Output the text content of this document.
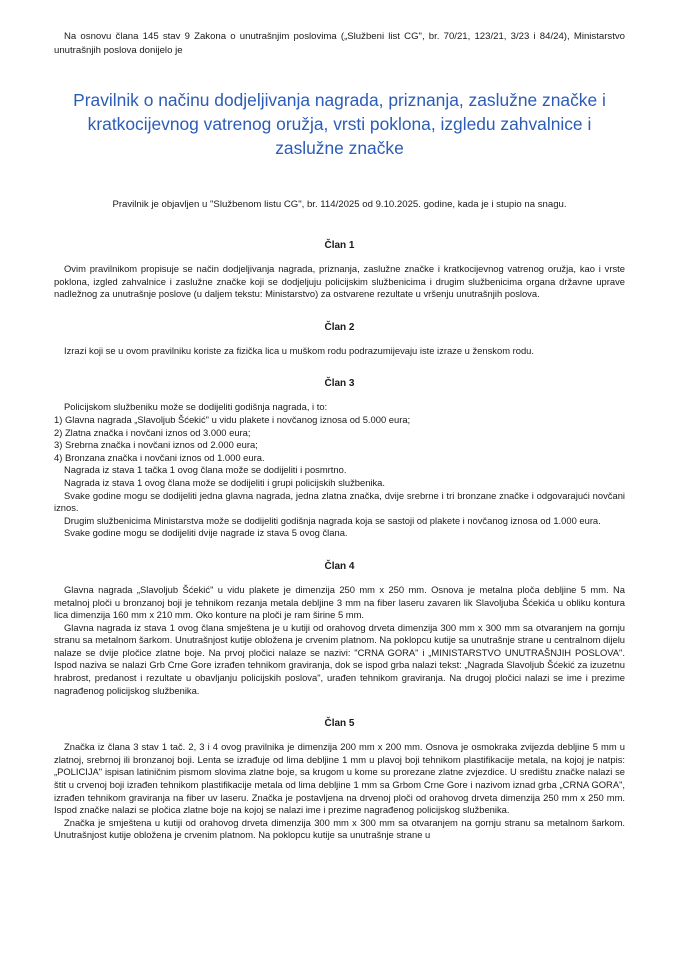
Na osnovu člana 145 stav 9 Zakona o unutrašnjim poslovima („Službeni list CG", br. 70/21, 123/21, 3/23 i 84/24), Ministarstvo unutrašnjih poslova donijelo je

Pravilnik o načinu dodjeljivanja nagrada, priznanja, zaslužne značke i kratkocijevnog vatrenog oružja, vrsti poklona, izgledu zahvalnice i zaslužne značke

Pravilnik je objavljen u "Službenom listu CG", br. 114/2025 od 9.10.2025. godine, kada je i stupio na snagu.

Član 1

Ovim pravilnikom propisuje se način dodjeljivanja nagrada, priznanja, zaslužne značke i kratkocijevnog vatrenog oružja, kao i vrste poklona, izgled zahvalnice i zaslužne značke koji se dodjeljuju policijskim službenicima i drugim službenicima organa državne uprave nadležnog za unutrašnje poslove (u daljem tekstu: Ministarstvo) za ostvarene rezultate u vršenju unutrašnjih poslova.

Član 2

Izrazi koji se u ovom pravilniku koriste za fizička lica u muškom rodu podrazumijevaju iste izraze u ženskom rodu.

Član 3

Policijskom službeniku može se dodijeliti godišnja nagrada, i to:

1) Glavna nagrada „Slavoljub Šćekić" u vidu plakete i novčanog iznosa od 5.000 eura;

2) Zlatna značka i novčani iznos od 3.000 eura;

3) Srebrna značka i novčani iznos od 2.000 eura;

4) Bronzana značka i novčani iznos od 1.000 eura.

Nagrada iz stava 1 tačka 1 ovog člana može se dodijeliti i posmrtno.

Nagrada iz stava 1 ovog člana može se dodijeliti i grupi policijskih službenika.

Svake godine mogu se dodijeliti jedna glavna nagrada, jedna zlatna značka, dvije srebrne i tri bronzane značke i odgovarajući novčani iznos.

Drugim službenicima Ministarstva može se dodijeliti godišnja nagrada koja se sastoji od plakete i novčanog iznosa od 1.000 eura.

Svake godine mogu se dodijeliti dvije nagrade iz stava 5 ovog člana.

Član 4

Glavna nagrada „Slavoljub Šćekić" u vidu plakete je dimenzija 250 mm x 250 mm. Osnova je metalna ploča debljine 5 mm. Na metalnoj ploči u bronzanoj boji je tehnikom rezanja metala debljine 3 mm na fiber laseru zavaren lik Slavoljuba Šćekića u obliku kontura lica dimenzija 160 mm x 210 mm. Oko konture na ploči je ram širine 5 mm.

Glavna nagrada iz stava 1 ovog člana smještena je u kutiji od orahovog drveta dimenzija 300 mm x 300 mm sa otvaranjem na gornju stranu sa metalnom šarkom. Unutrašnjost kutije obložena je crvenim platnom. Na poklopcu kutije sa unutrašnje strane u centralnom dijelu nalaze se dvije pločice zlatne boje. Na prvoj pločici nalaze se nazivi: "CRNA GORA" i „MINISTARSTVO UNUTRAŠNJIH POSLOVA". Ispod naziva se nalazi Grb Crne Gore izrađen tehnikom graviranja, dok se ispod grba nalazi tekst: „Nagrada Slavoljub Šćekić za izuzetnu hrabrost, predanost i rezultate u obavljanju policijskih poslova", urađen tehnikom graviranja. Na drugoj pločici nalazi se ime i prezime nagrađenog policijskog službenika.

Član 5

Značka iz člana 3 stav 1 tač. 2, 3 i 4 ovog pravilnika je dimenzija 200 mm x 200 mm. Osnova je osmokraka zvijezda debljine 5 mm u zlatnoj, srebrnoj ili bronzanoj boji. Lenta se izrađuje od lima debljine 1 mm u plavoj boji tehnikom plastifikacije metala, na kojoj je natpis: „POLICIJA" ispisan latiničnim pismom slovima zlatne boje, sa krugom u kome su prorezane zlatne zvjezdice. U središtu značke nalazi se štit u crvenoj boji izrađen tehnikom plastifikacije metala od lima debljine 1 mm sa Grbom Crne Gore i nazivom iznad grba „CRNA GORA", izrađen tehnikom graviranja na fiber uv laseru. Značka je postavljena na drvenoj ploči od orahovog drveta dimenzija 250 mm x 250 mm. Ispod značke nalazi se pločica zlatne boje na kojoj se nalazi ime i prezime nagrađenog policijskog službenika.

Značka je smještena u kutiji od orahovog drveta dimenzija 300 mm x 300 mm sa otvaranjem na gornju stranu sa metalnom šarkom. Unutrašnjost kutije obložena je crvenim platnom. Na poklopcu kutije sa unutrašnje strane u
